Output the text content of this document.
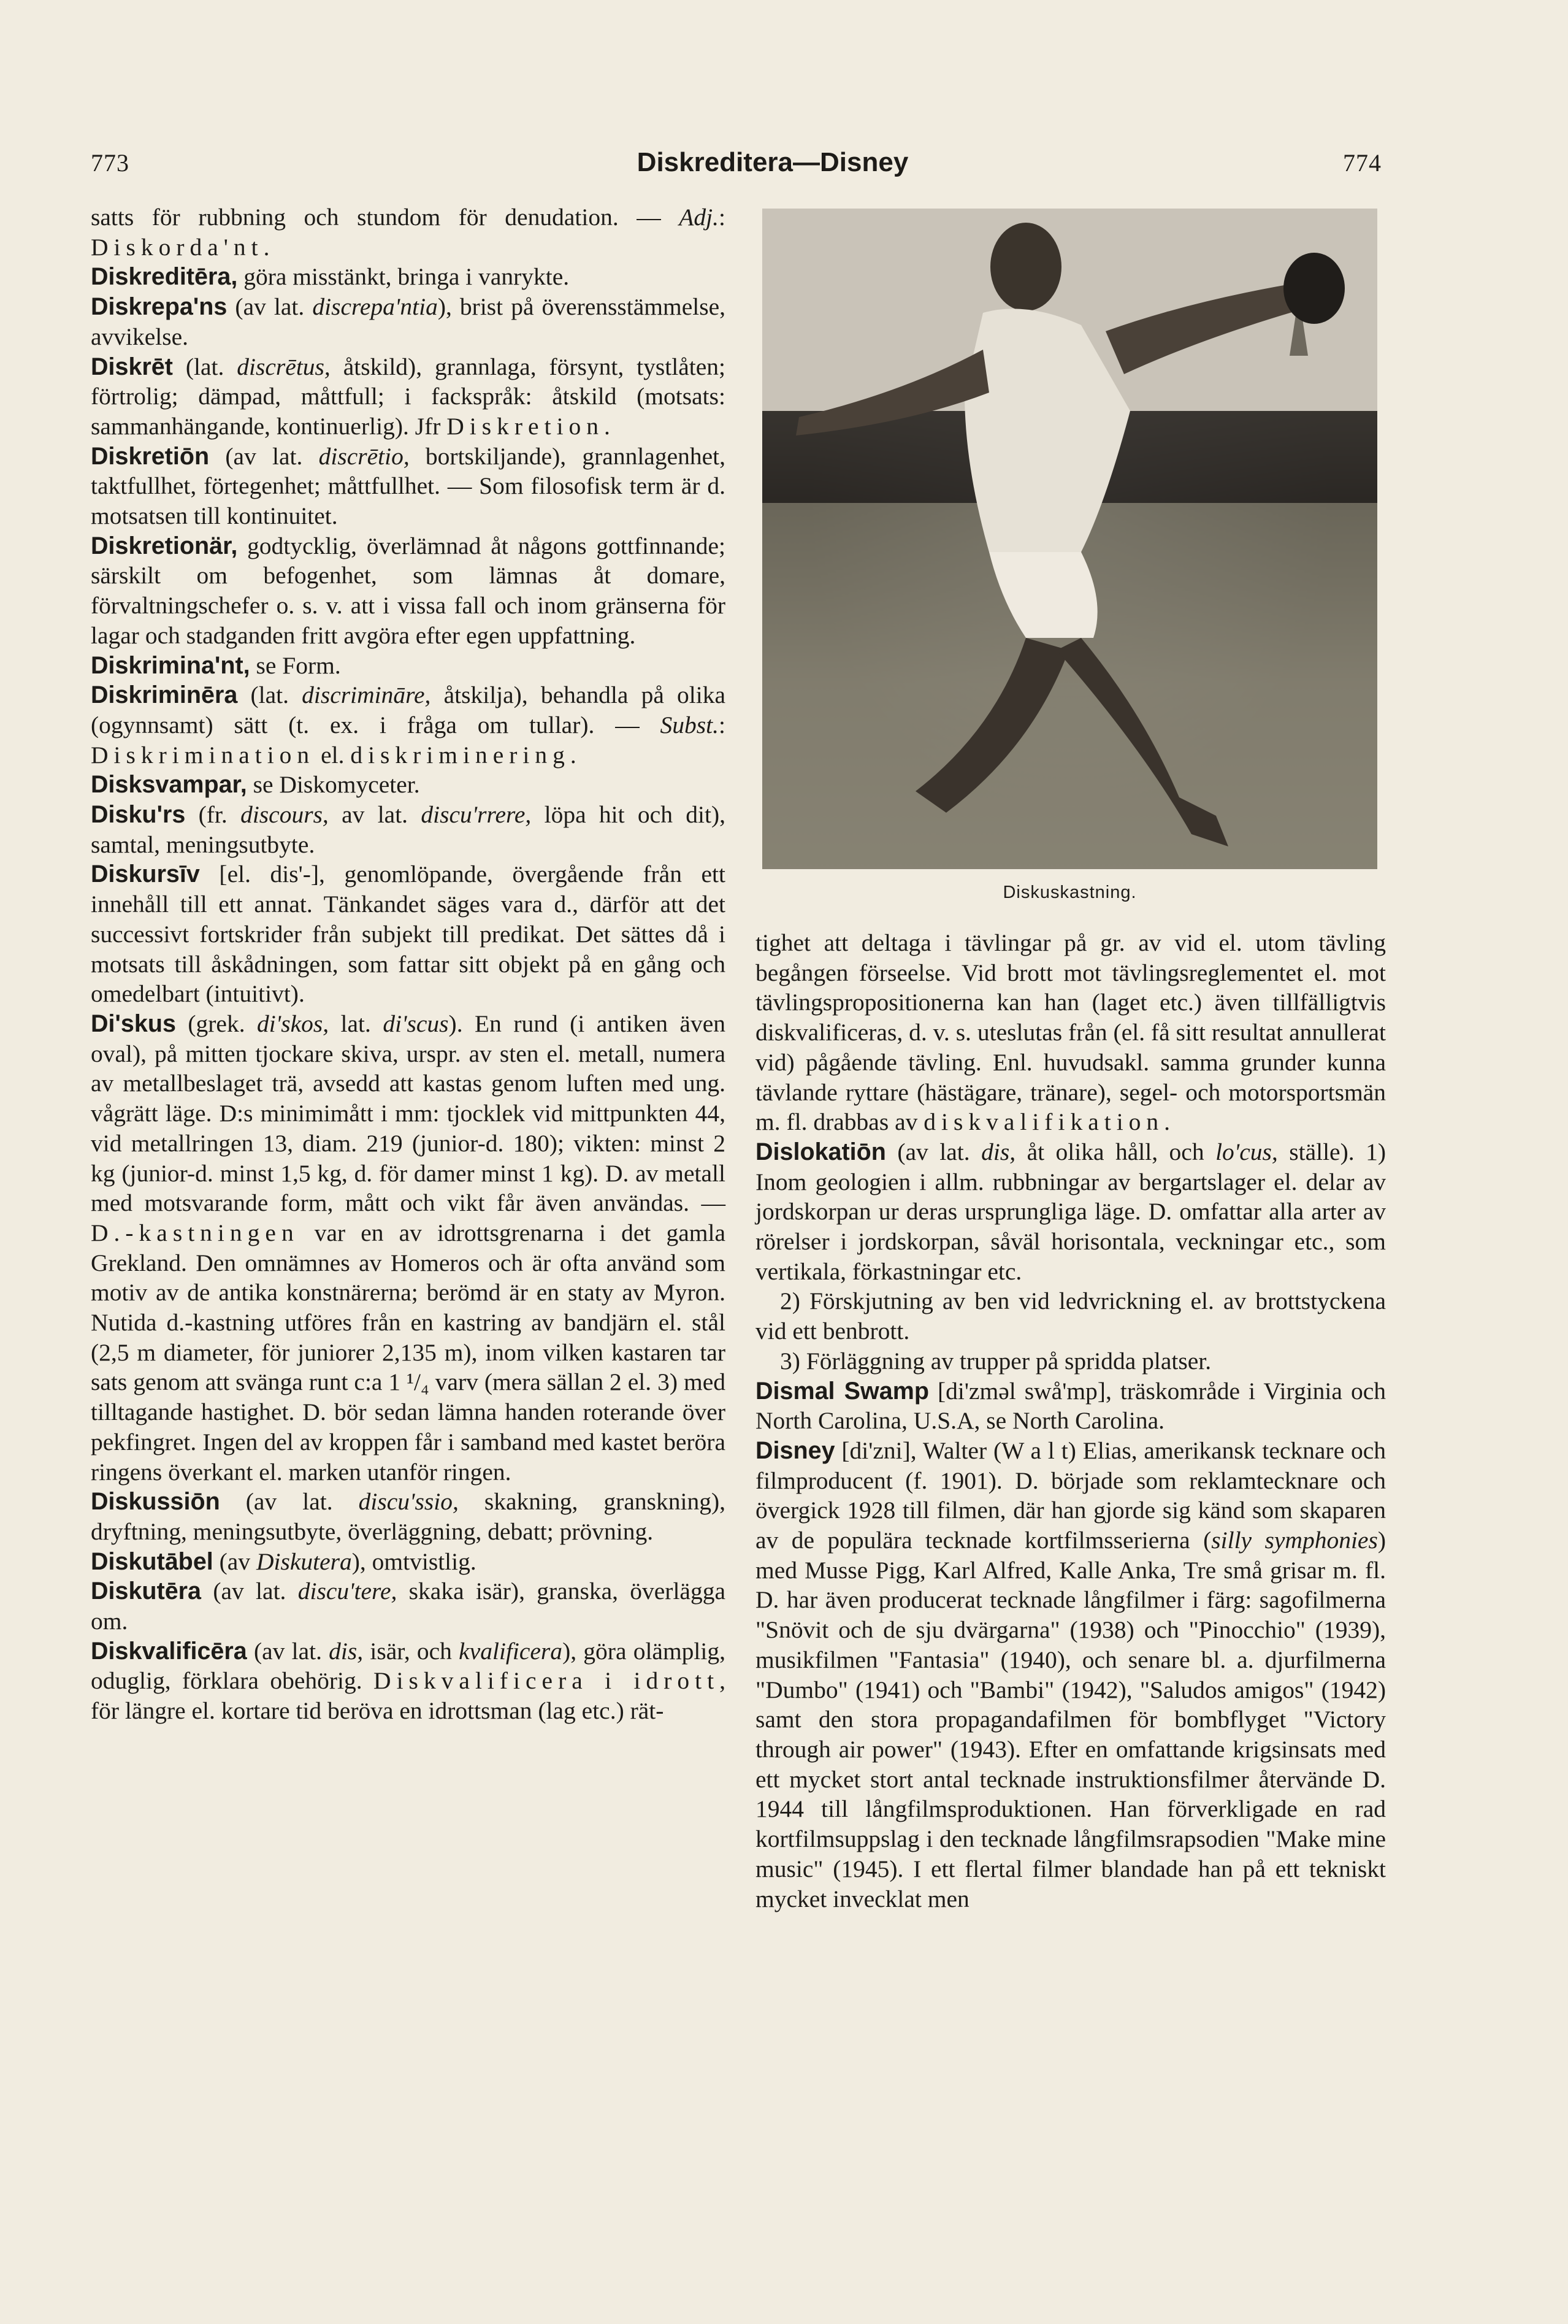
773	Diskreditera—Disney	774

satts för rubbning och stundom för denudation. — Adj.: Diskorda'nt.

Diskreditēra, göra misstänkt, bringa i vanrykte.

Diskrepa'ns (av lat. discrepa'ntia), brist på överensstämmelse, avvikelse.

Diskrēt (lat. discrētus, åtskild), grannlaga, försynt, tystlåten; förtrolig; dämpad, måttfull; i fackspråk: åtskild (motsats: sammanhängande, kontinuerlig). Jfr Diskretion.

Diskretiōn (av lat. discrētio, bortskiljande), grannlagenhet, taktfullhet, förtegenhet; måttfullhet. — Som filosofisk term är d. motsatsen till kontinuitet.

Diskretionär, godtycklig, överlämnad åt någons gottfinnande; särskilt om befogenhet, som lämnas åt domare, förvaltningschefer o. s. v. att i vissa fall och inom gränserna för lagar och stadganden fritt avgöra efter egen uppfattning.

Diskrimina'nt, se Form.

Diskriminēra (lat. discrimināre, åtskilja), behandla på olika (ogynnsamt) sätt (t. ex. i fråga om tullar). — Subst.: Diskrimination el. diskriminering.

Disksvampar, se Diskomyceter.

Disku'rs (fr. discours, av lat. discu'rrere, löpa hit och dit), samtal, meningsutbyte.

Diskursīv [el. dis'-], genomlöpande, övergående från ett innehåll till ett annat. Tänkandet säges vara d., därför att det successivt fortskrider från subjekt till predikat. Det sättes då i motsats till åskådningen, som fattar sitt objekt på en gång och omedelbart (intuitivt).

Di'skus (grek. di'skos, lat. di'scus). En rund (i antiken även oval), på mitten tjockare skiva, urspr. av sten el. metall, numera av metallbeslaget trä, avsedd att kastas genom luften med ung. vågrätt läge. D:s minimimått i mm: tjocklek vid mittpunkten 44, vid metallringen 13, diam. 219 (junior-d. 180); vikten: minst 2 kg (junior-d. minst 1,5 kg, d. för damer minst 1 kg). D. av metall med motsvarande form, mått och vikt får även användas. — D.-kastningen var en av idrottsgrenarna i det gamla Grekland. Den omnämnes av Homeros och är ofta använd som motiv av de antika konstnärerna; berömd är en staty av Myron. Nutida d.-kastning utföres från en kastring av bandjärn el. stål (2,5 m diameter, för juniorer 2,135 m), inom vilken kastaren tar sats genom att svänga runt c:a 1 ¹/₄ varv (mera sällan 2 el. 3) med tilltagande hastighet. D. bör sedan lämna handen roterande över pekfingret. Ingen del av kroppen får i samband med kastet beröra ringens överkant el. marken utanför ringen.

Diskussiōn (av lat. discu'ssio, skakning, granskning), dryftning, meningsutbyte, överläggning, debatt; prövning.

Diskutābel (av Diskutera), omtvistlig.

Diskutēra (av lat. discu'tere, skaka isär), granska, överlägga om.

Diskvalificēra (av lat. dis, isär, och kvalificera), göra olämplig, oduglig, förklara obehörig. Diskvalificera i idrott, för längre el. kortare tid beröva en idrottsman (lag etc.) rät-

Diskuskastning.

tighet att deltaga i tävlingar på gr. av vid el. utom tävling begången förseelse. Vid brott mot tävlingsreglementet el. mot tävlingspropositionerna kan han (laget etc.) även tillfälligtvis diskvalificeras, d. v. s. uteslutas från (el. få sitt resultat annullerat vid) pågående tävling. Enl. huvudsakl. samma grunder kunna tävlande ryttare (hästägare, tränare), segel- och motorsportsmän m. fl. drabbas av diskvalifikation.

Dislokatiōn (av lat. dis, åt olika håll, och lo'cus, ställe). 1) Inom geologien i allm. rubbningar av bergartslager el. delar av jordskorpan ur deras ursprungliga läge. D. omfattar alla arter av rörelser i jordskorpan, såväl horisontala, veckningar etc., som vertikala, förkastningar etc.

2) Förskjutning av ben vid ledvrickning el. av brottstyckena vid ett benbrott.

3) Förläggning av trupper på spridda platser.

Dismal Swamp [di'zməl swå'mp], träskområde i Virginia och North Carolina, U.S.A, se North Carolina.

Disney [di'zni], Walter (W a l t) Elias, amerikansk tecknare och filmproducent (f. 1901). D. började som reklamtecknare och övergick 1928 till filmen, där han gjorde sig känd som skaparen av de populära tecknade kortfilmsserierna (silly symphonies) med Musse Pigg, Karl Alfred, Kalle Anka, Tre små grisar m. fl. D. har även producerat tecknade långfilmer i färg: sagofilmerna "Snövit och de sju dvärgarna" (1938) och "Pinocchio" (1939), musikfilmen "Fantasia" (1940), och senare bl. a. djurfilmerna "Dumbo" (1941) och "Bambi" (1942), "Saludos amigos" (1942) samt den stora propagandafilmen för bombflyget "Victory through air power" (1943). Efter en omfattande krigsinsats med ett mycket stort antal tecknade instruktionsfilmer återvände D. 1944 till långfilmsproduktionen. Han förverkligade en rad kortfilmsuppslag i den tecknade långfilmsrapsodien "Make mine music" (1945). I ett flertal filmer blandade han på ett tekniskt mycket invecklat men
